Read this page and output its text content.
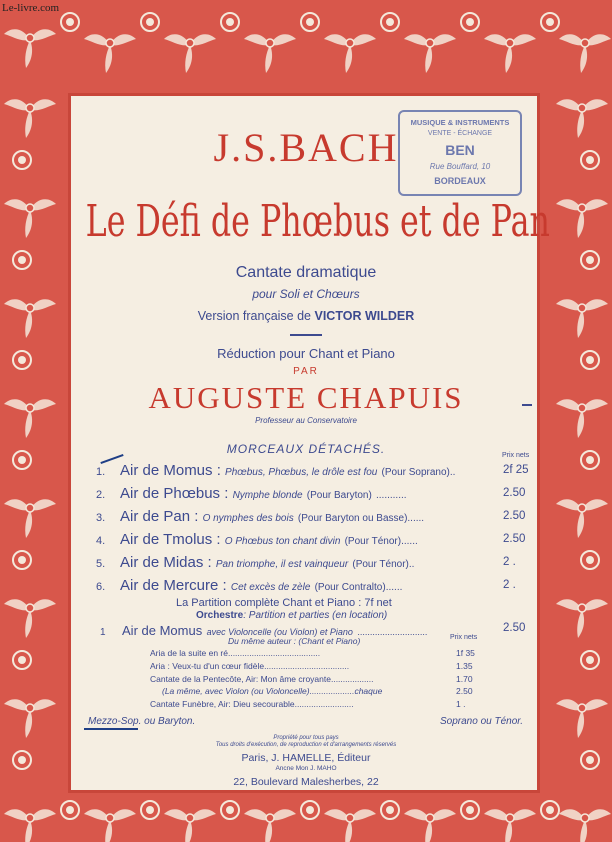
Le-livre.com
J.S.BACH
MUSIQUE & INSTRUMENTS
VENTE - ÉCHANGE
BEN
Rue Bouffard, 10
BORDEAUX
Le Défi de Phœbus et de Pan
Cantate dramatique
pour Soli et Chœurs
Version française de VICTOR WILDER
Réduction pour Chant et Piano
PAR
AUGUSTE CHAPUIS
Professeur au Conservatoire
MORCEAUX DÉTACHÉS.	Prix nets
1. Air de Momus : Phœbus, Phœbus, le drôle est fou (Pour Soprano)..	2f 25
2. Air de Phœbus : Nymphe blonde (Pour Baryton) ...........	2.50
3. Air de Pan : O nymphes des bois (Pour Baryton ou Basse)......	2.50
4. Air de Tmolus : O Phœbus ton chant divin (Pour Ténor)......	2.50
5. Air de Midas : Pan triomphe, il est vainqueur (Pour Ténor)..	2 .
6. Air de Mercure : Cet excès de zèle (Pour Contralto)......	2 .
La Partition complète Chant et Piano : 7f net
Orchestre: Partition et parties (en location)
1 Air de Momus avec Violoncelle (ou Violon) et Piano ............................	2.50
Du même auteur : (Chant et Piano)	Prix nets
Aria de la suite en ré.......................................	1f 35
Aria : Veux-tu d'un cœur fidèle....................................	1.35
Cantate de la Pentecôte, Air: Mon âme croyante..................	1.70
(La même, avec Violon (ou Violoncelle)...................chaque	2.50
Cantate Funèbre, Air: Dieu secourable.........................	1 .
Mezzo-Sop. ou Baryton.	Soprano ou Ténor.
Propriété pour tous pays
Tous droits d'exécution, de reproduction et d'arrangements réservés
Paris, J. HAMELLE, Éditeur
Ancne Mon J. MAHO
22, Boulevard Malesherbes, 22
